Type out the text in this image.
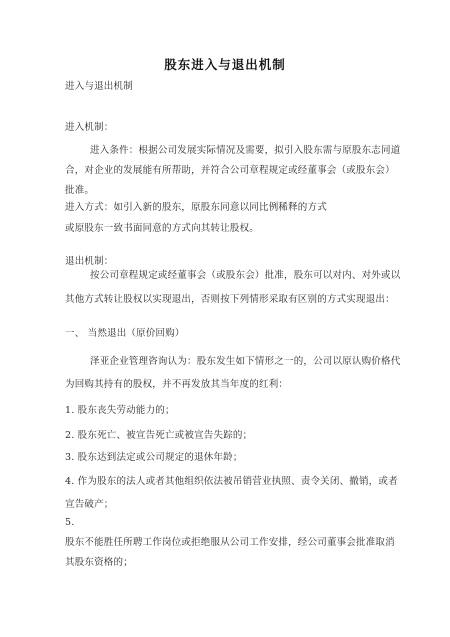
股东进入与退出机制
进入与退出机制
进入机制：
进入条件：根据公司发展实际情况及需要，拟引入股东需与原股东志同道
合，对企业的发展能有所帮助，并符合公司章程规定或经董事会（或股东会）
批准。
进入方式：如引入新的股东，原股东同意以同比例稀释的方式
或原股东一致书面同意的方式向其转让股权。
退出机制：
按公司章程规定或经董事会（或股东会）批准，股东可以对内、对外或以
其他方式转让股权以实现退出，否则按下列情形采取有区别的方式实现退出：
一、 当然退出（原价回购）
泽亚企业管理咨询认为：股东发生如下情形之一的，公司以原认购价格代
为回购其持有的股权，并不再发放其当年度的红利：
1. 股东丧失劳动能力的；
2. 股东死亡、被宣告死亡或被宣告失踪的；
3. 股东达到法定或公司规定的退休年龄；
4. 作为股东的法人或者其他组织依法被吊销营业执照、责令关闭、撤销，或者
宣告破产；
5.
股东不能胜任所聘工作岗位或拒绝服从公司工作安排，经公司董事会批准取消
其股东资格的；
